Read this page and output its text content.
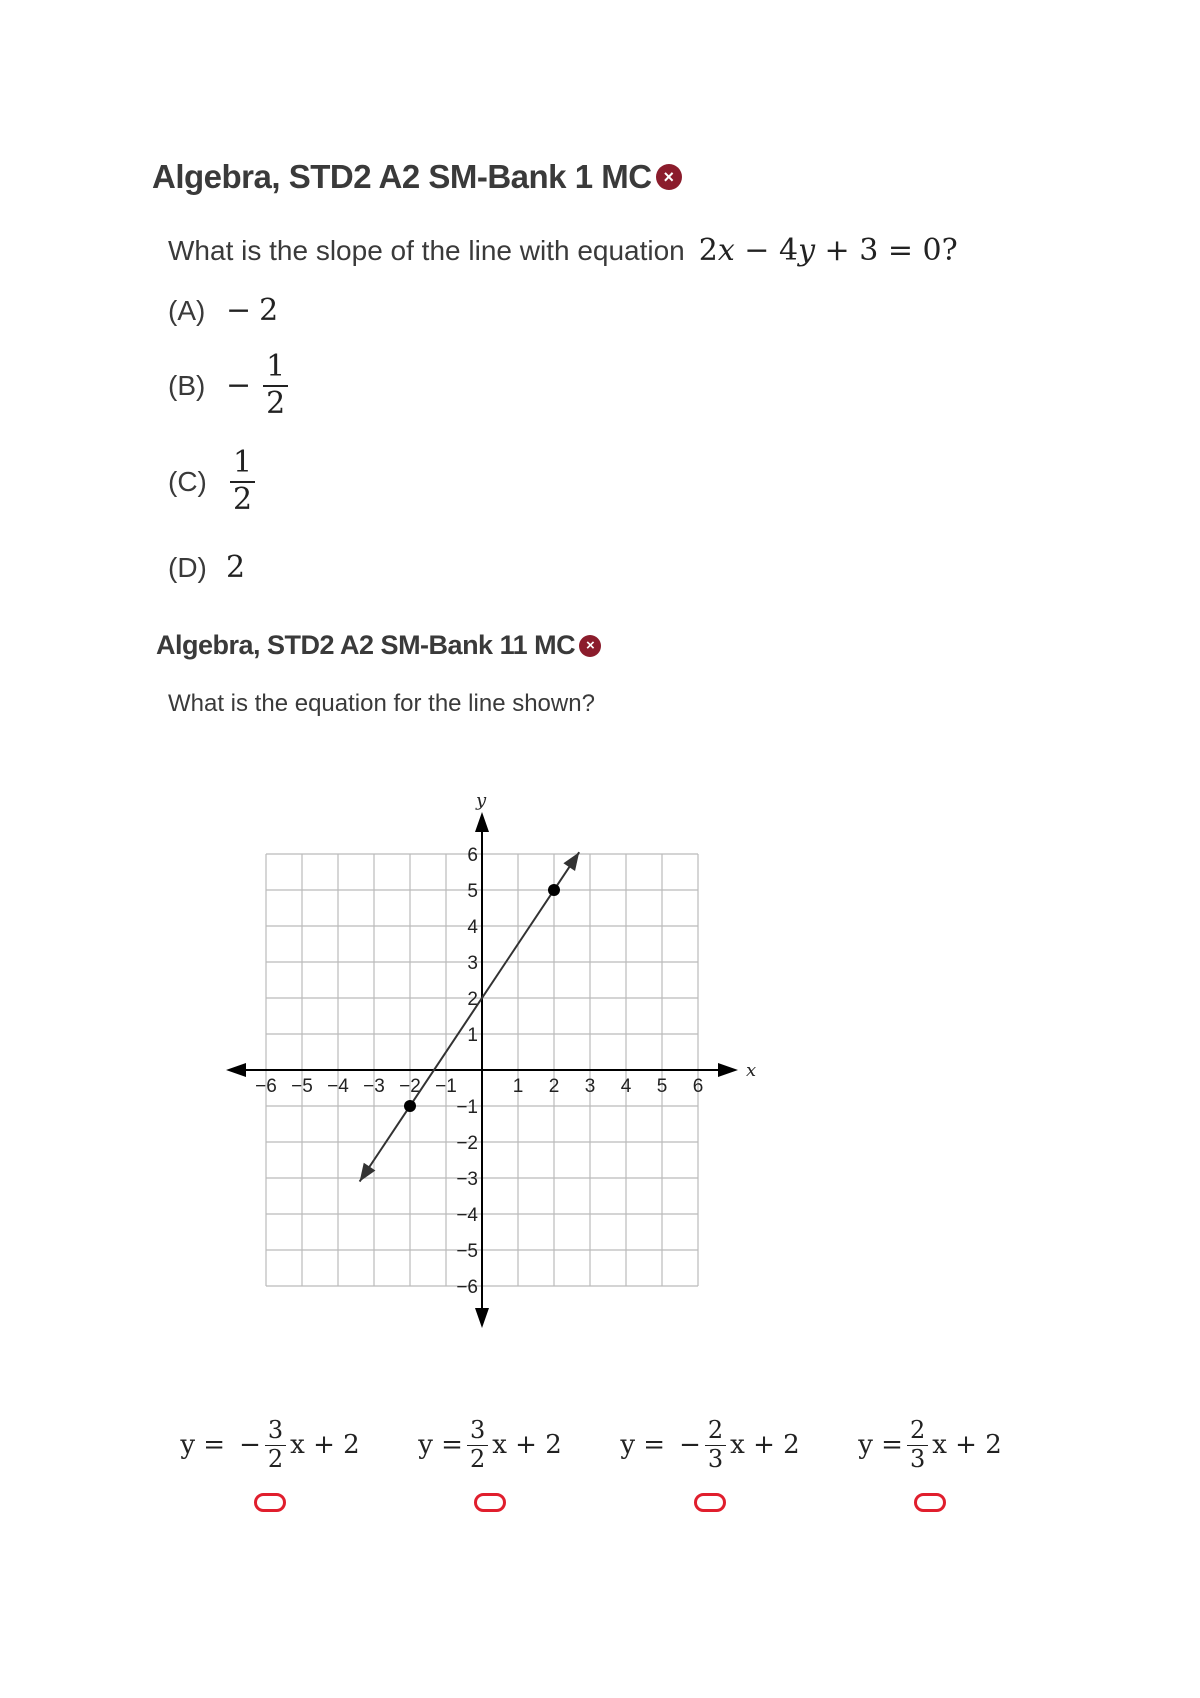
Algebra, STD2 A2 SM-Bank 1 MC ×
What is the slope of the line with equation 2𝑥 − 4𝑦 + 3 = 0?
(A) − 2
$(B) - \frac{1}{2}$
$(C) \frac{1}{2}$
(D) 2
Algebra, STD2 A2 SM-Bank 11 MC ×
What is the equation for the line shown?
x
y
−6 −5 −4 −3 −2 −1	1 2 3 4 5 6
6
5
4
3
2
1
−1
−2
−3
−4
−5
−6
y = − $\frac{3}{2}$ x + 2 $y = \frac{3}{2}$ x + 2 y = − $\frac{2}{3}$ x + 2 $y = \frac{2}{3}$ x + 2
